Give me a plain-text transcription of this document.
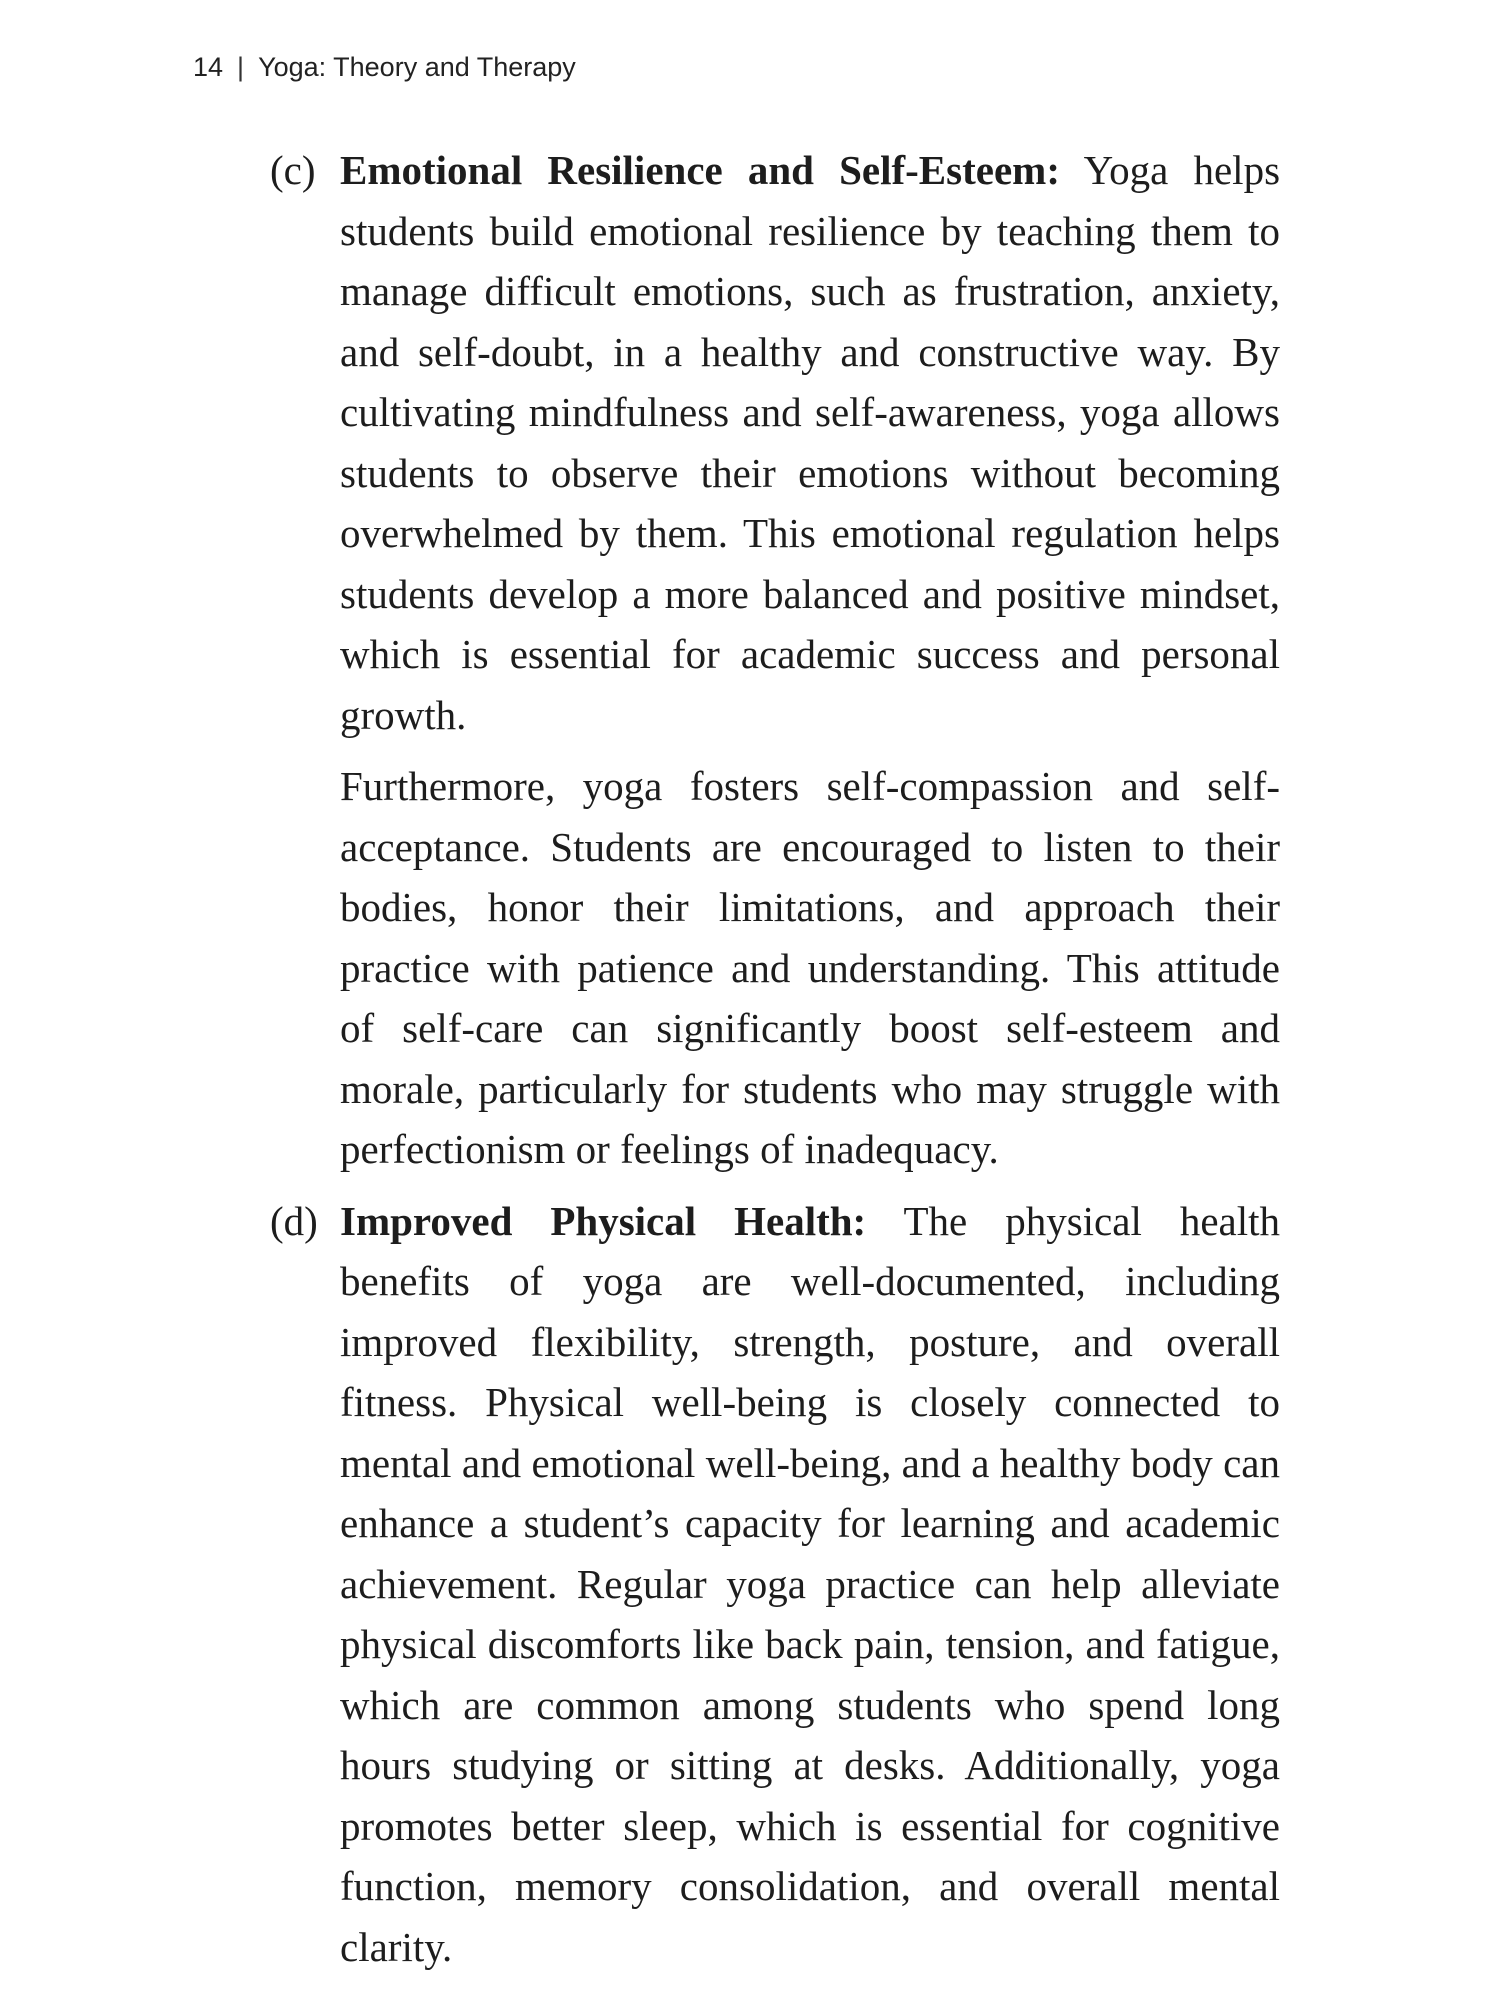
14 | Yoga: Theory and Therapy
(c) Emotional Resilience and Self-Esteem: Yoga helps students build emotional resilience by teaching them to manage difficult emotions, such as frustration, anxiety, and self-doubt, in a healthy and constructive way. By cultivating mindfulness and self-awareness, yoga allows students to observe their emotions without becoming overwhelmed by them. This emotional regulation helps students develop a more balanced and positive mindset, which is essential for academic success and personal growth.

Furthermore, yoga fosters self-compassion and self-acceptance. Students are encouraged to listen to their bodies, honor their limitations, and approach their practice with patience and understanding. This attitude of self-care can significantly boost self-esteem and morale, particularly for students who may struggle with perfectionism or feelings of inadequacy.

(d) Improved Physical Health: The physical health benefits of yoga are well-documented, including improved flexibility, strength, posture, and overall fitness. Physical well-being is closely connected to mental and emotional well-being, and a healthy body can enhance a student’s capacity for learning and academic achievement. Regular yoga practice can help alleviate physical discomforts like back pain, tension, and fatigue, which are common among students who spend long hours studying or sitting at desks. Additionally, yoga promotes better sleep, which is essential for cognitive function, memory consolidation, and overall mental clarity.
